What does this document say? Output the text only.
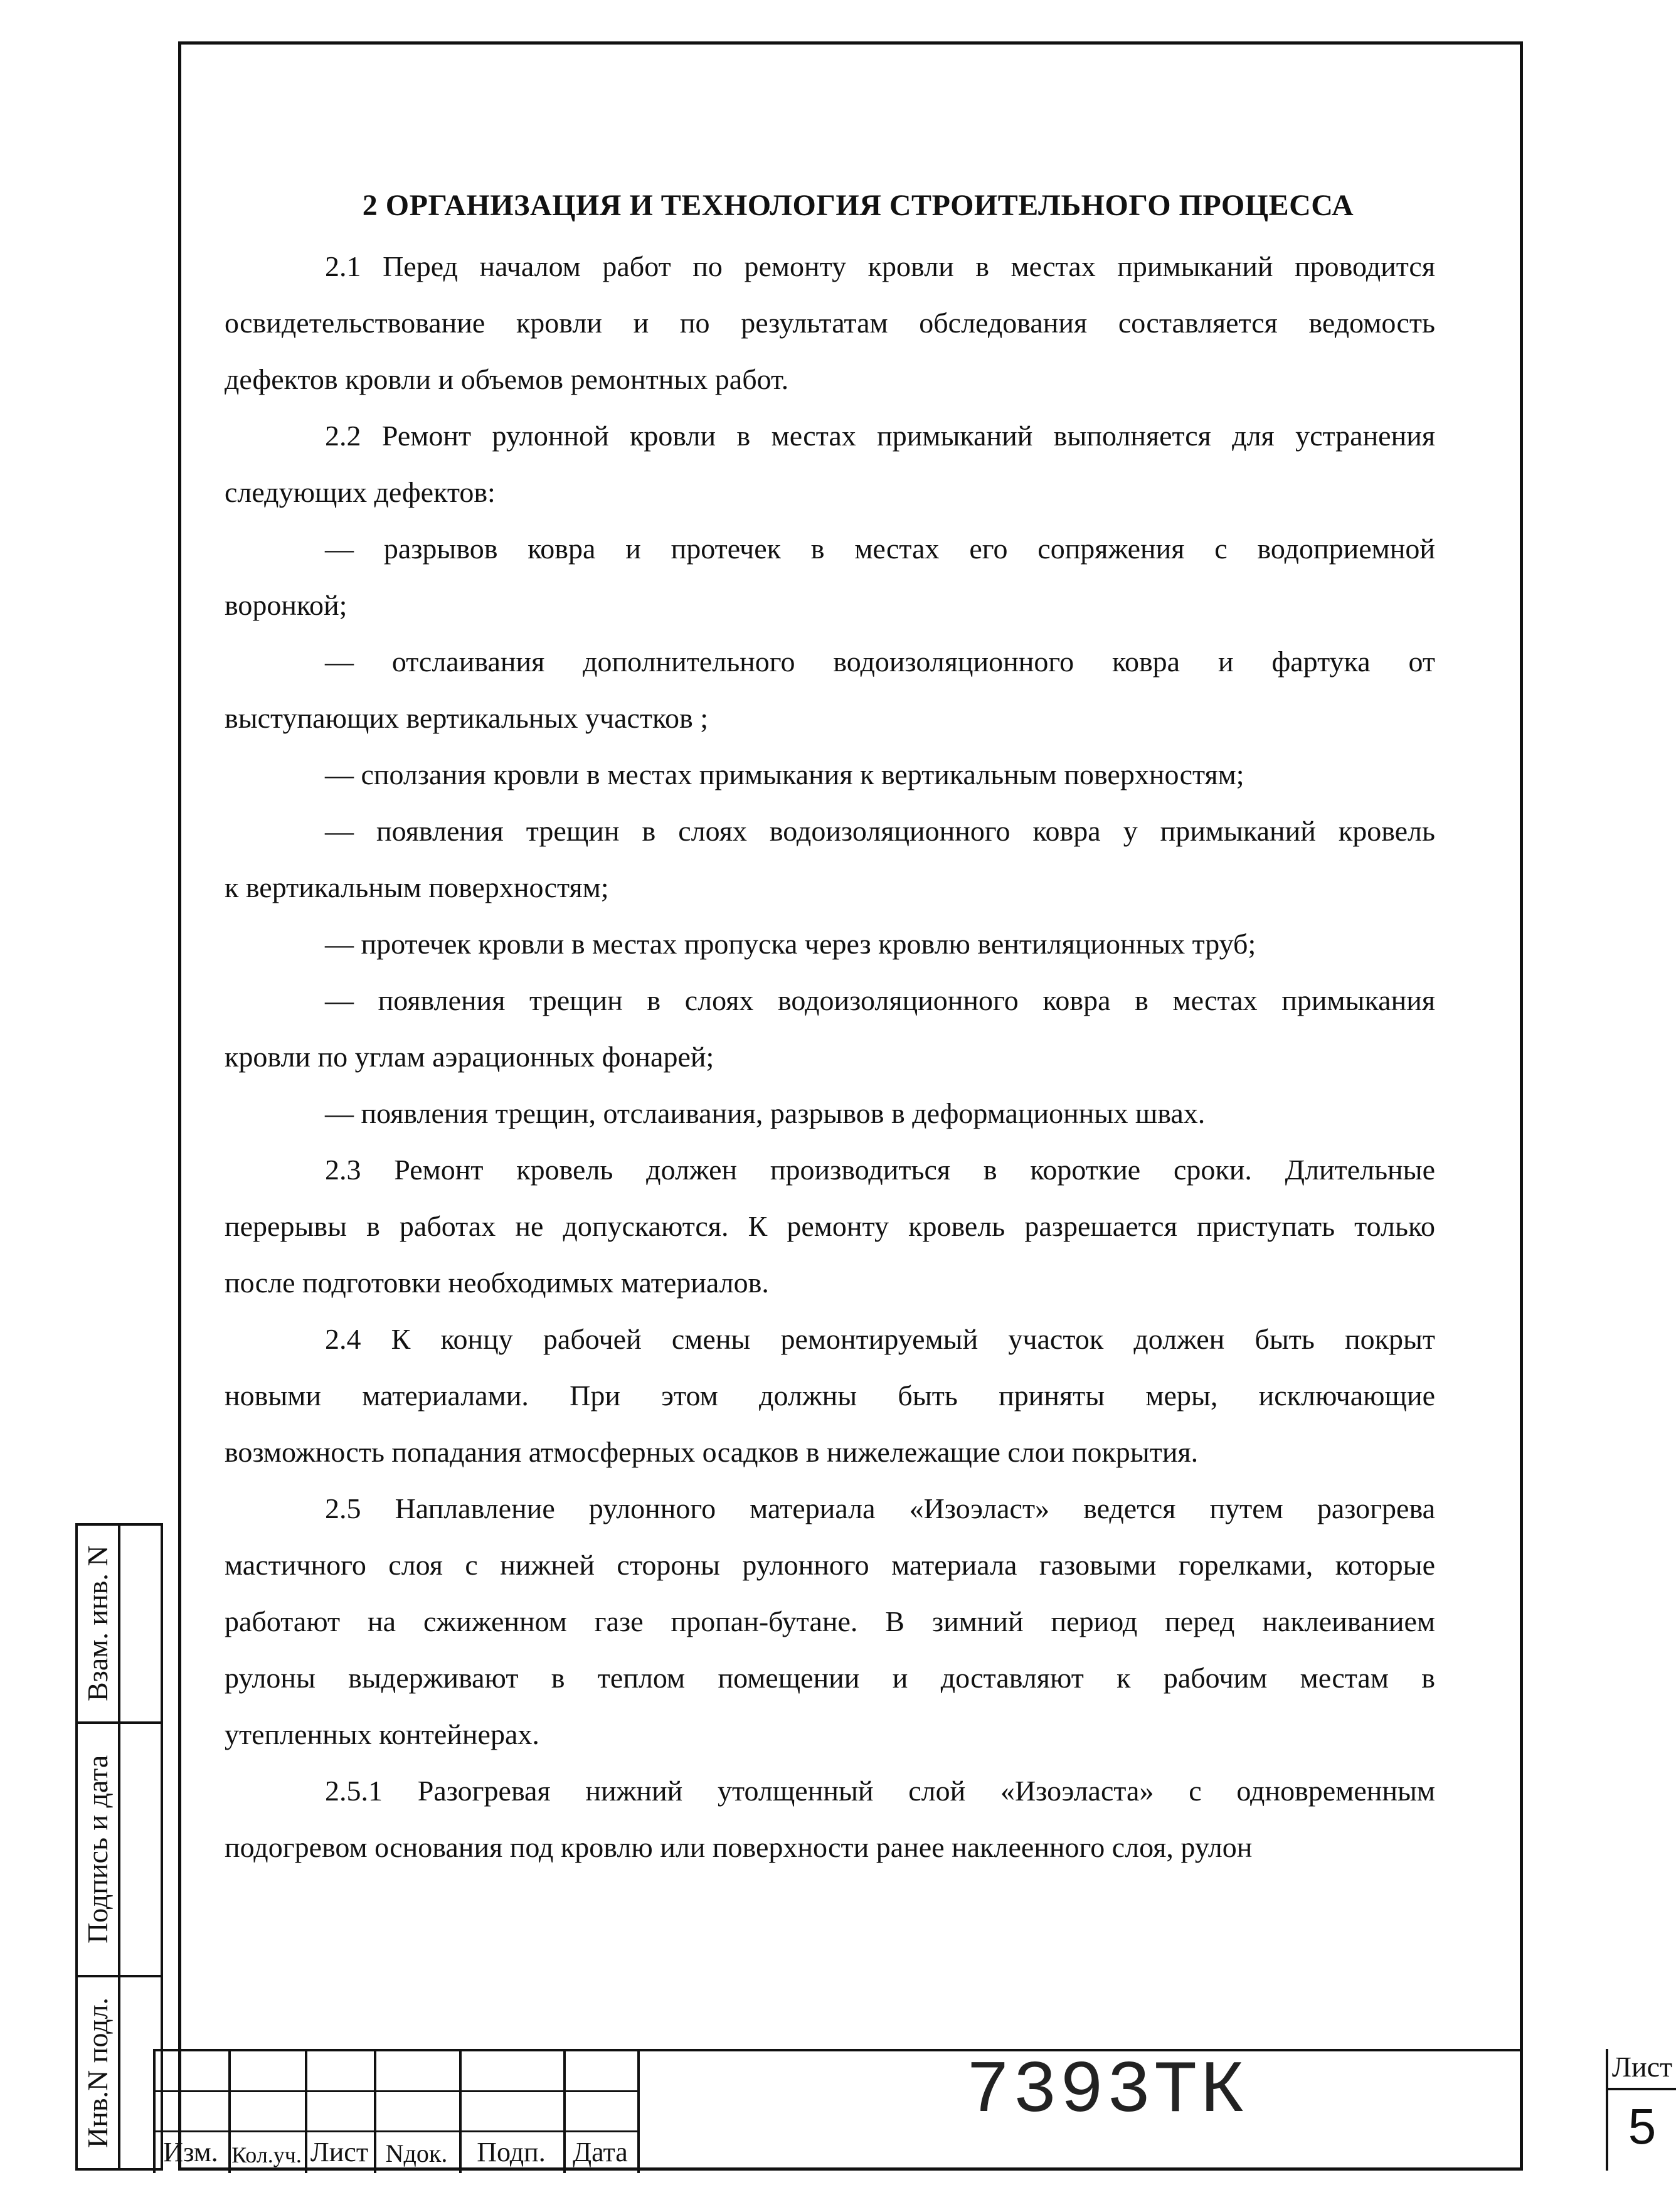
2 ОРГАНИЗАЦИЯ И ТЕХНОЛОГИЯ СТРОИТЕЛЬНОГО ПРОЦЕССА
2.1 Перед началом работ по ремонту кровли в местах примыканий проводится
освидетельствование кровли и по результатам обследования составляется ведомость
дефектов кровли и объемов ремонтных работ.
2.2 Ремонт рулонной кровли в местах примыканий выполняется для устранения
следующих дефектов:
— разрывов ковра и протечек в местах его сопряжения с водоприемной
воронкой;
— отслаивания дополнительного водоизоляционного ковра и фартука от
выступающих вертикальных участков ;
— сползания кровли в местах примыкания к вертикальным поверхностям;
— появления трещин в слоях водоизоляционного ковра у примыканий кровель
к вертикальным поверхностям;
— протечек кровли в местах пропуска через кровлю вентиляционных труб;
— появления трещин в слоях водоизоляционного ковра в местах примыкания
кровли по углам аэрационных фонарей;
— появления трещин, отслаивания, разрывов в деформационных швах.
2.3 Ремонт кровель должен производиться в короткие сроки. Длительные
перерывы в работах не допускаются. К ремонту кровель разрешается приступать только
после подготовки необходимых материалов.
2.4 К концу рабочей смены ремонтируемый участок должен быть покрыт
новыми материалами. При этом должны быть приняты меры, исключающие
возможность попадания атмосферных осадков в нижележащие слои покрытия.
2.5 Наплавление рулонного материала «Изоэласт» ведется путем разогрева
мастичного слоя с нижней стороны рулонного материала газовыми горелками, которые
работают на сжиженном газе пропан-бутане. В зимний период перед наклеиванием
рулоны выдерживают в теплом помещении и доставляют к рабочим местам в
утепленных контейнерах.
2.5.1 Разогревая нижний утолщенный слой «Изоэласта» с одновременным
подогревом основания под кровлю или поверхности ранее наклеенного слоя, рулон
Взам. инв. N
Подпись и дата
Инв.N подл.
Изм. Кол.уч. Лист Nдок.	Подп. Дата
7393ТК	Лист
5
